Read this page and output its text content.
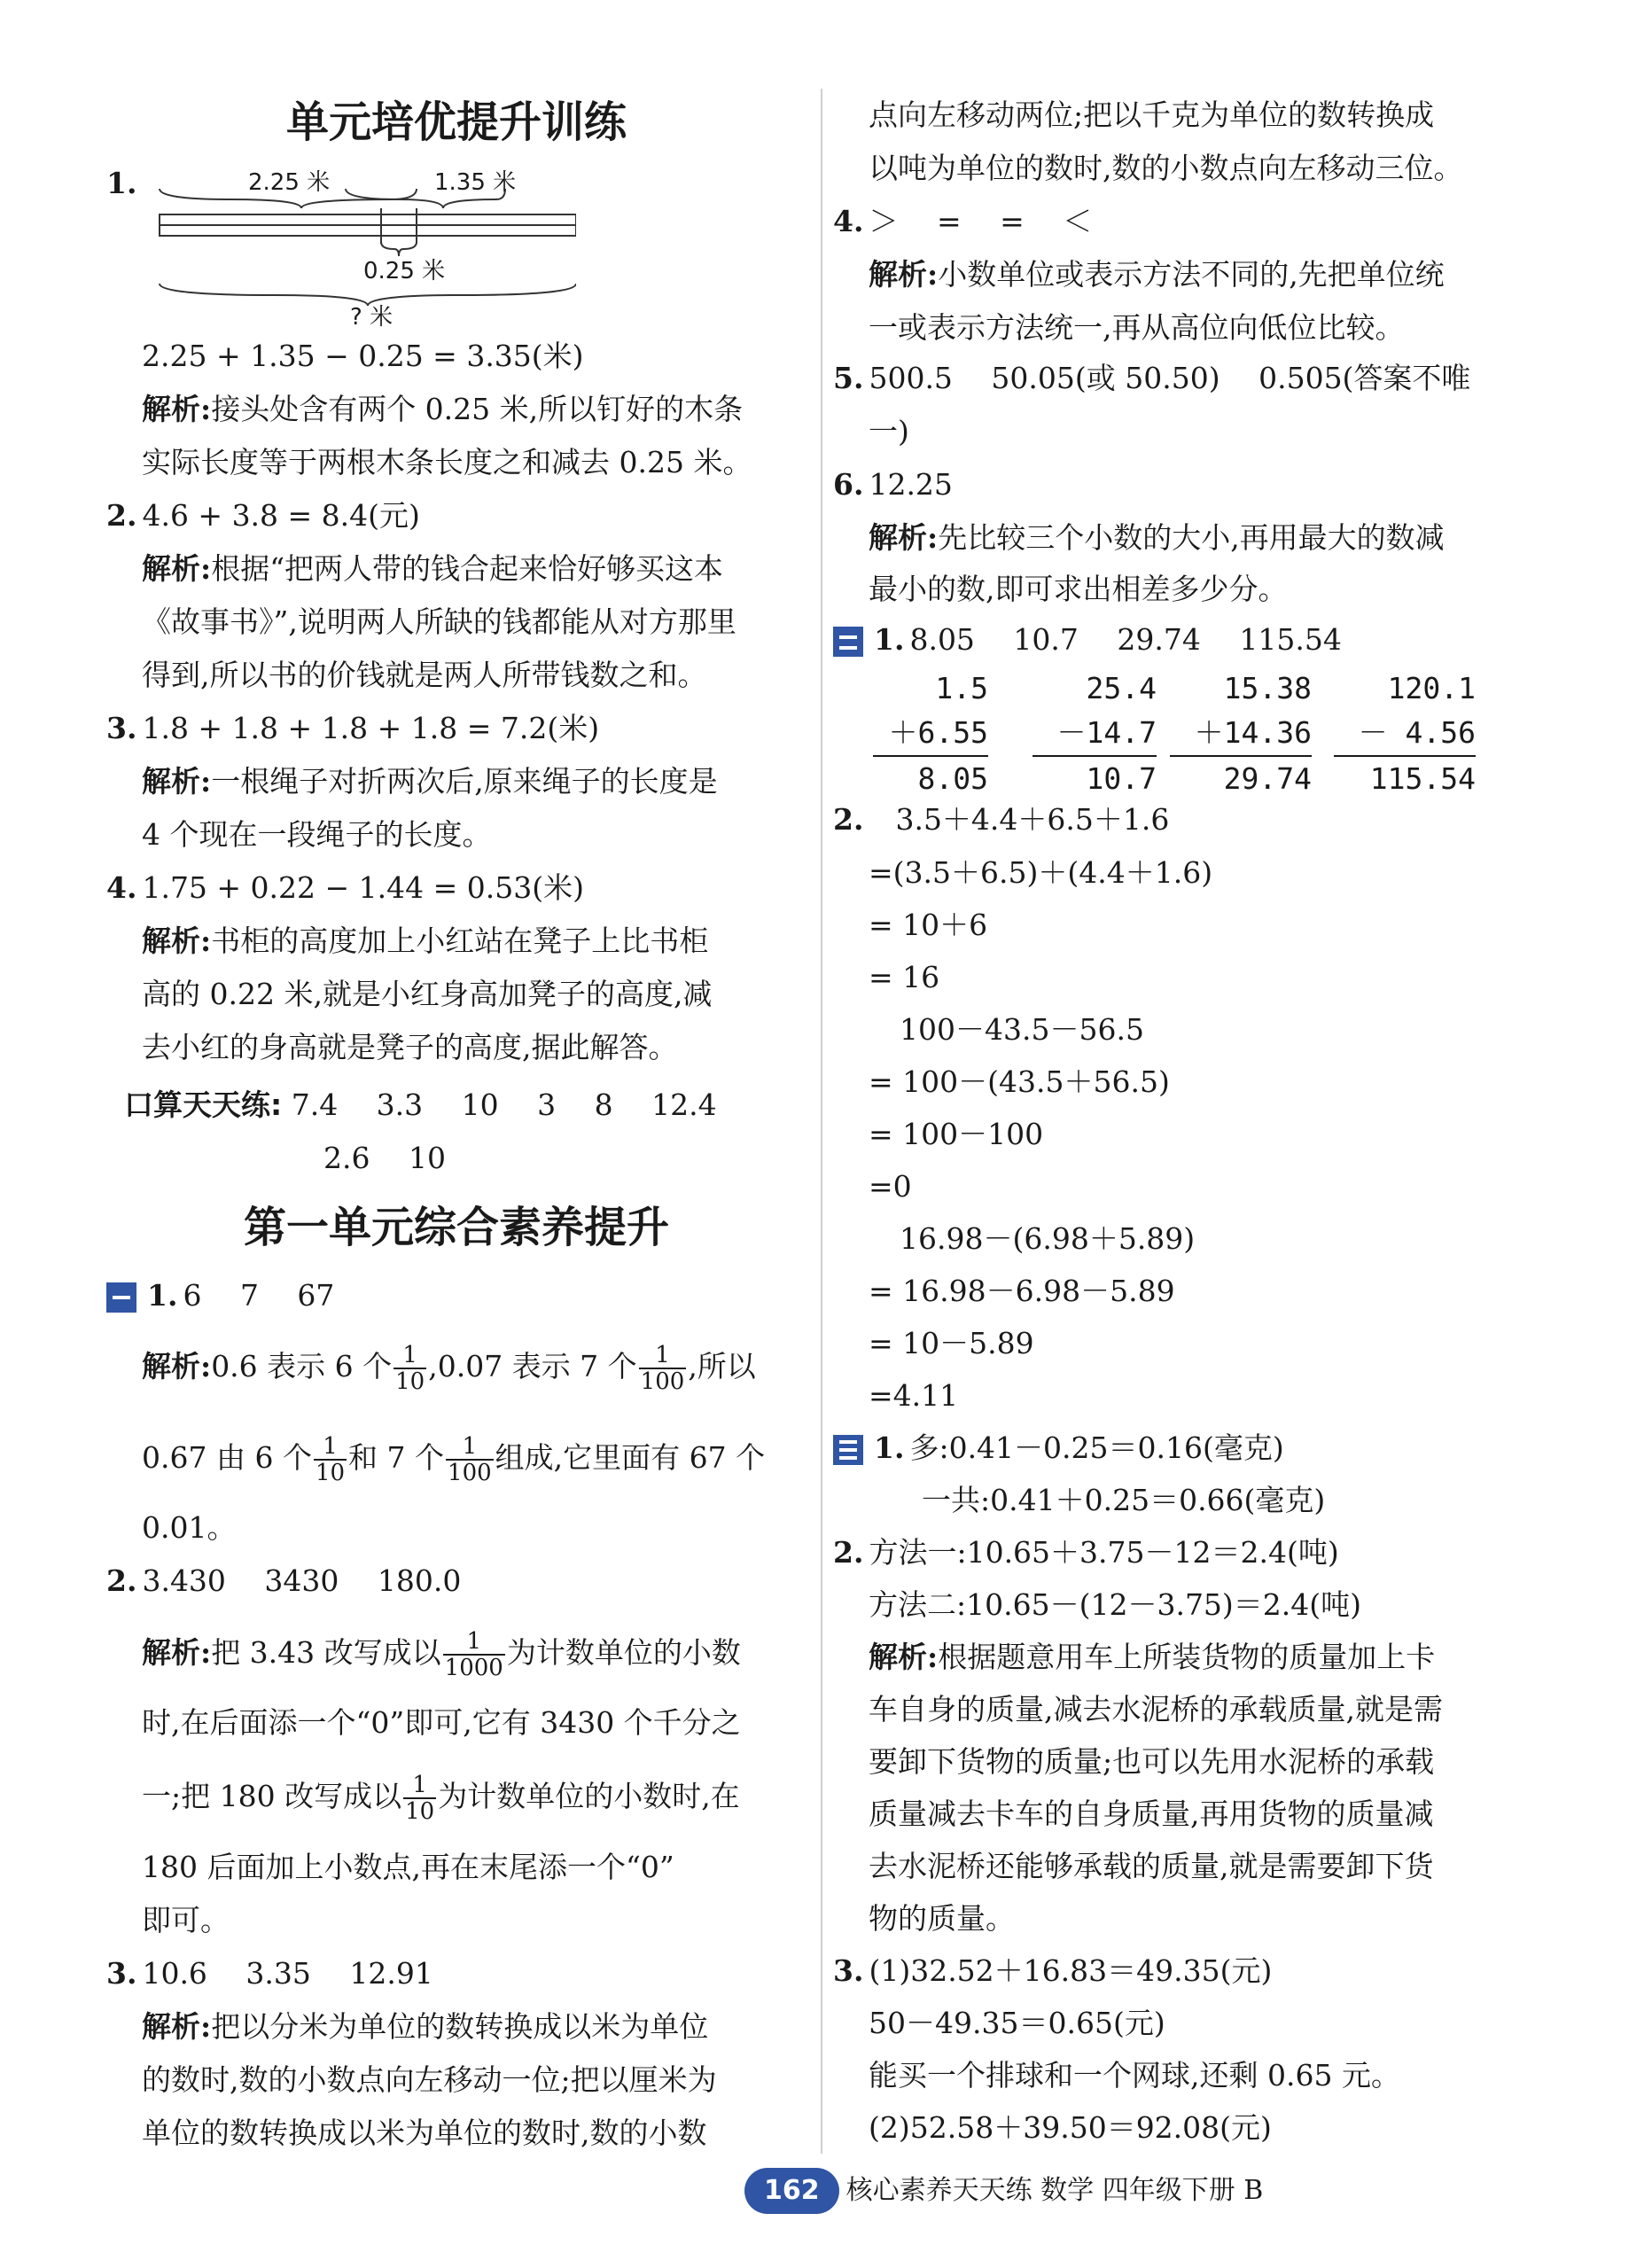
单元培优提升训练
1.	2.25 米	1.35 米
0.25 米
? 米
2.25 + 1.35 − 0.25 = 3.35(米)
解析:接头处含有两个 0.25 米,所以钉好的木条
实际长度等于两根木条长度之和减去 0.25 米。
2. 4.6 + 3.8 = 8.4(元)
解析:根据“把两人带的钱合起来恰好够买这本
《故事书》”,说明两人所缺的钱都能从对方那里
得到,所以书的价钱就是两人所带钱数之和。
3. 1.8 + 1.8 + 1.8 + 1.8 = 7.2(米)
解析:一根绳子对折两次后,原来绳子的长度是
4 个现在一段绳子的长度。
4. 1.75 + 0.22 − 1.44 = 0.53(米)
解析:书柜的高度加上小红站在凳子上比书柜
高的 0.22 米,就是小红身高加凳子的高度,减
去小红的身高就是凳子的高度,据此解答。
口算天天练: 7.4　 3.3　 10　 3　 8　 12.4
2.6　 10
第一单元综合素养提升
1. 6　 7　 67
解析:0.6 表示 6 个 $\frac{1}{10} ,0.07$ 表示 7 个 $\frac{1}{100}$ ,所以
0.67 由 6 个 $\frac{1}{10}$ 和 7 个 $\frac{1}{100}$ 组成,它里面有 67 个
0.01。
2. 3.430　 3430　 180.0
解析:把 3.43 改写成以 $\frac{1}{1000}$ 为计数单位的小数
时,在后面添一个“0”即可,它有 3430 个千分之
一;把 180 改写成以 $\frac{1}{10}$ 为计数单位的小数时,在
180 后面加上小数点,再在末尾添一个“0”
即可。
3. 10.6　 3.35　 12.91
解析:把以分米为单位的数转换成以米为单位
的数时,数的小数点向左移动一位;把以厘米为
单位的数转换成以米为单位的数时,数的小数
点向左移动两位;把以千克为单位的数转换成
以吨为单位的数时,数的小数点向左移动三位。
4. ＞　 =　 =　 ＜
解析:小数单位或表示方法不同的,先把单位统
一或表示方法统一,再从高位向低位比较。
5. 500.5　 50.05(或 50.50)　 0.505(答案不唯
一)
6. 12.25
解析:先比较三个小数的大小,再用最大的数减
最小的数,即可求出相差多少分。
1. 8.05　 10.7　 29.74　 115.54
1.5
＋6.55
8.05
25.4
－14.7
10.7
15.38
＋14.36
29.74
120.1
－ 4.56
115.54
2. 3.5＋4.4＋6.5＋1.6
=(3.5＋6.5)＋(4.4＋1.6)
= 10＋6
= 16
100－43.5－56.5
= 100－(43.5＋56.5)
= 100－100
=0
16.98－(6.98＋5.89)
= 16.98－6.98－5.89
= 10－5.89
=4.11
1. 多:0.41－0.25＝0.16(毫克)
一共:0.41＋0.25＝0.66(毫克)
2. 方法一:10.65＋3.75－12＝2.4(吨)
方法二:10.65－(12－3.75)＝2.4(吨)
解析:根据题意用车上所装货物的质量加上卡
车自身的质量,减去水泥桥的承载质量,就是需
要卸下货物的质量;也可以先用水泥桥的承载
质量减去卡车的自身质量,再用货物的质量减
去水泥桥还能够承载的质量,就是需要卸下货
物的质量。
3. (1)32.52＋16.83＝49.35(元)
50－49.35＝0.65(元)
能买一个排球和一个网球,还剩 0.65 元。
(2)52.58＋39.50＝92.08(元)
162 核心素养天天练 数学 四年级下册 B
